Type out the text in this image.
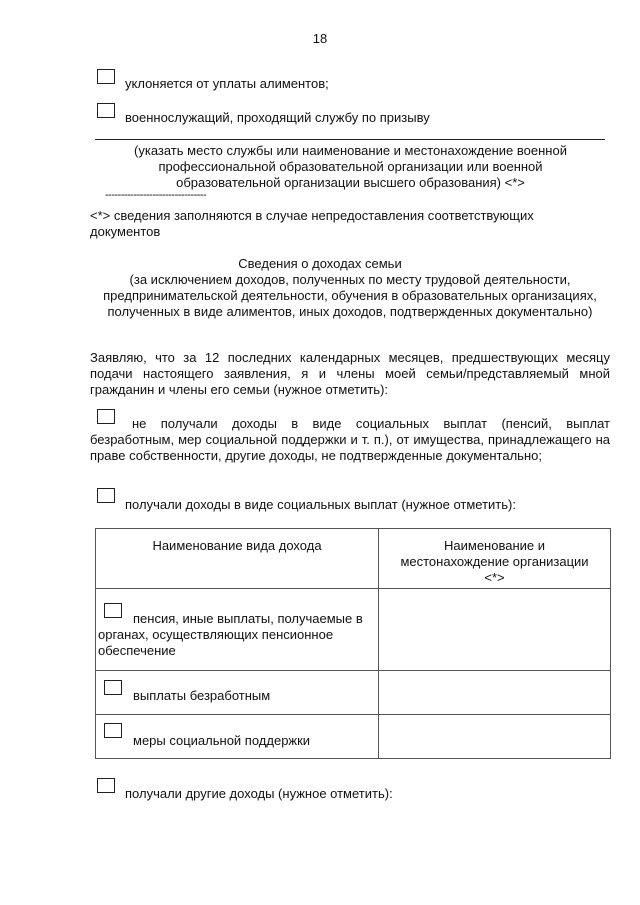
18
уклоняется от уплаты алиментов;
военнослужащий, проходящий службу по призыву
(указать место службы или наименование и местонахождение военной профессиональной образовательной организации или военной образовательной организации высшего образования) <*>
--------------------------------
<*> сведения заполняются в случае непредоставления соответствующих документов
Сведения о доходах семьи
(за исключением доходов, полученных по месту трудовой деятельности, предпринимательской деятельности, обучения в образовательных организациях, полученных в виде алиментов, иных доходов, подтвержденных документально)
Заявляю, что за 12 последних календарных месяцев, предшествующих месяцу подачи настоящего заявления, я и члены моей семьи/представляемый мной гражданин и члены его семьи (нужное отметить):
не получали доходы в виде социальных выплат (пенсий, выплат безработным, мер социальной поддержки и т. п.), от имущества, принадлежащего на праве собственности, другие доходы, не подтвержденные документально;
получали доходы в виде социальных выплат (нужное отметить):
Наименование вида дохода	Наименование и местонахождение организации <*>

пенсия, иные выплаты, получаемые в органах, осуществляющих пенсионное обеспечение	

выплаты безработным	

меры социальной поддержки	

получали другие доходы (нужное отметить):
